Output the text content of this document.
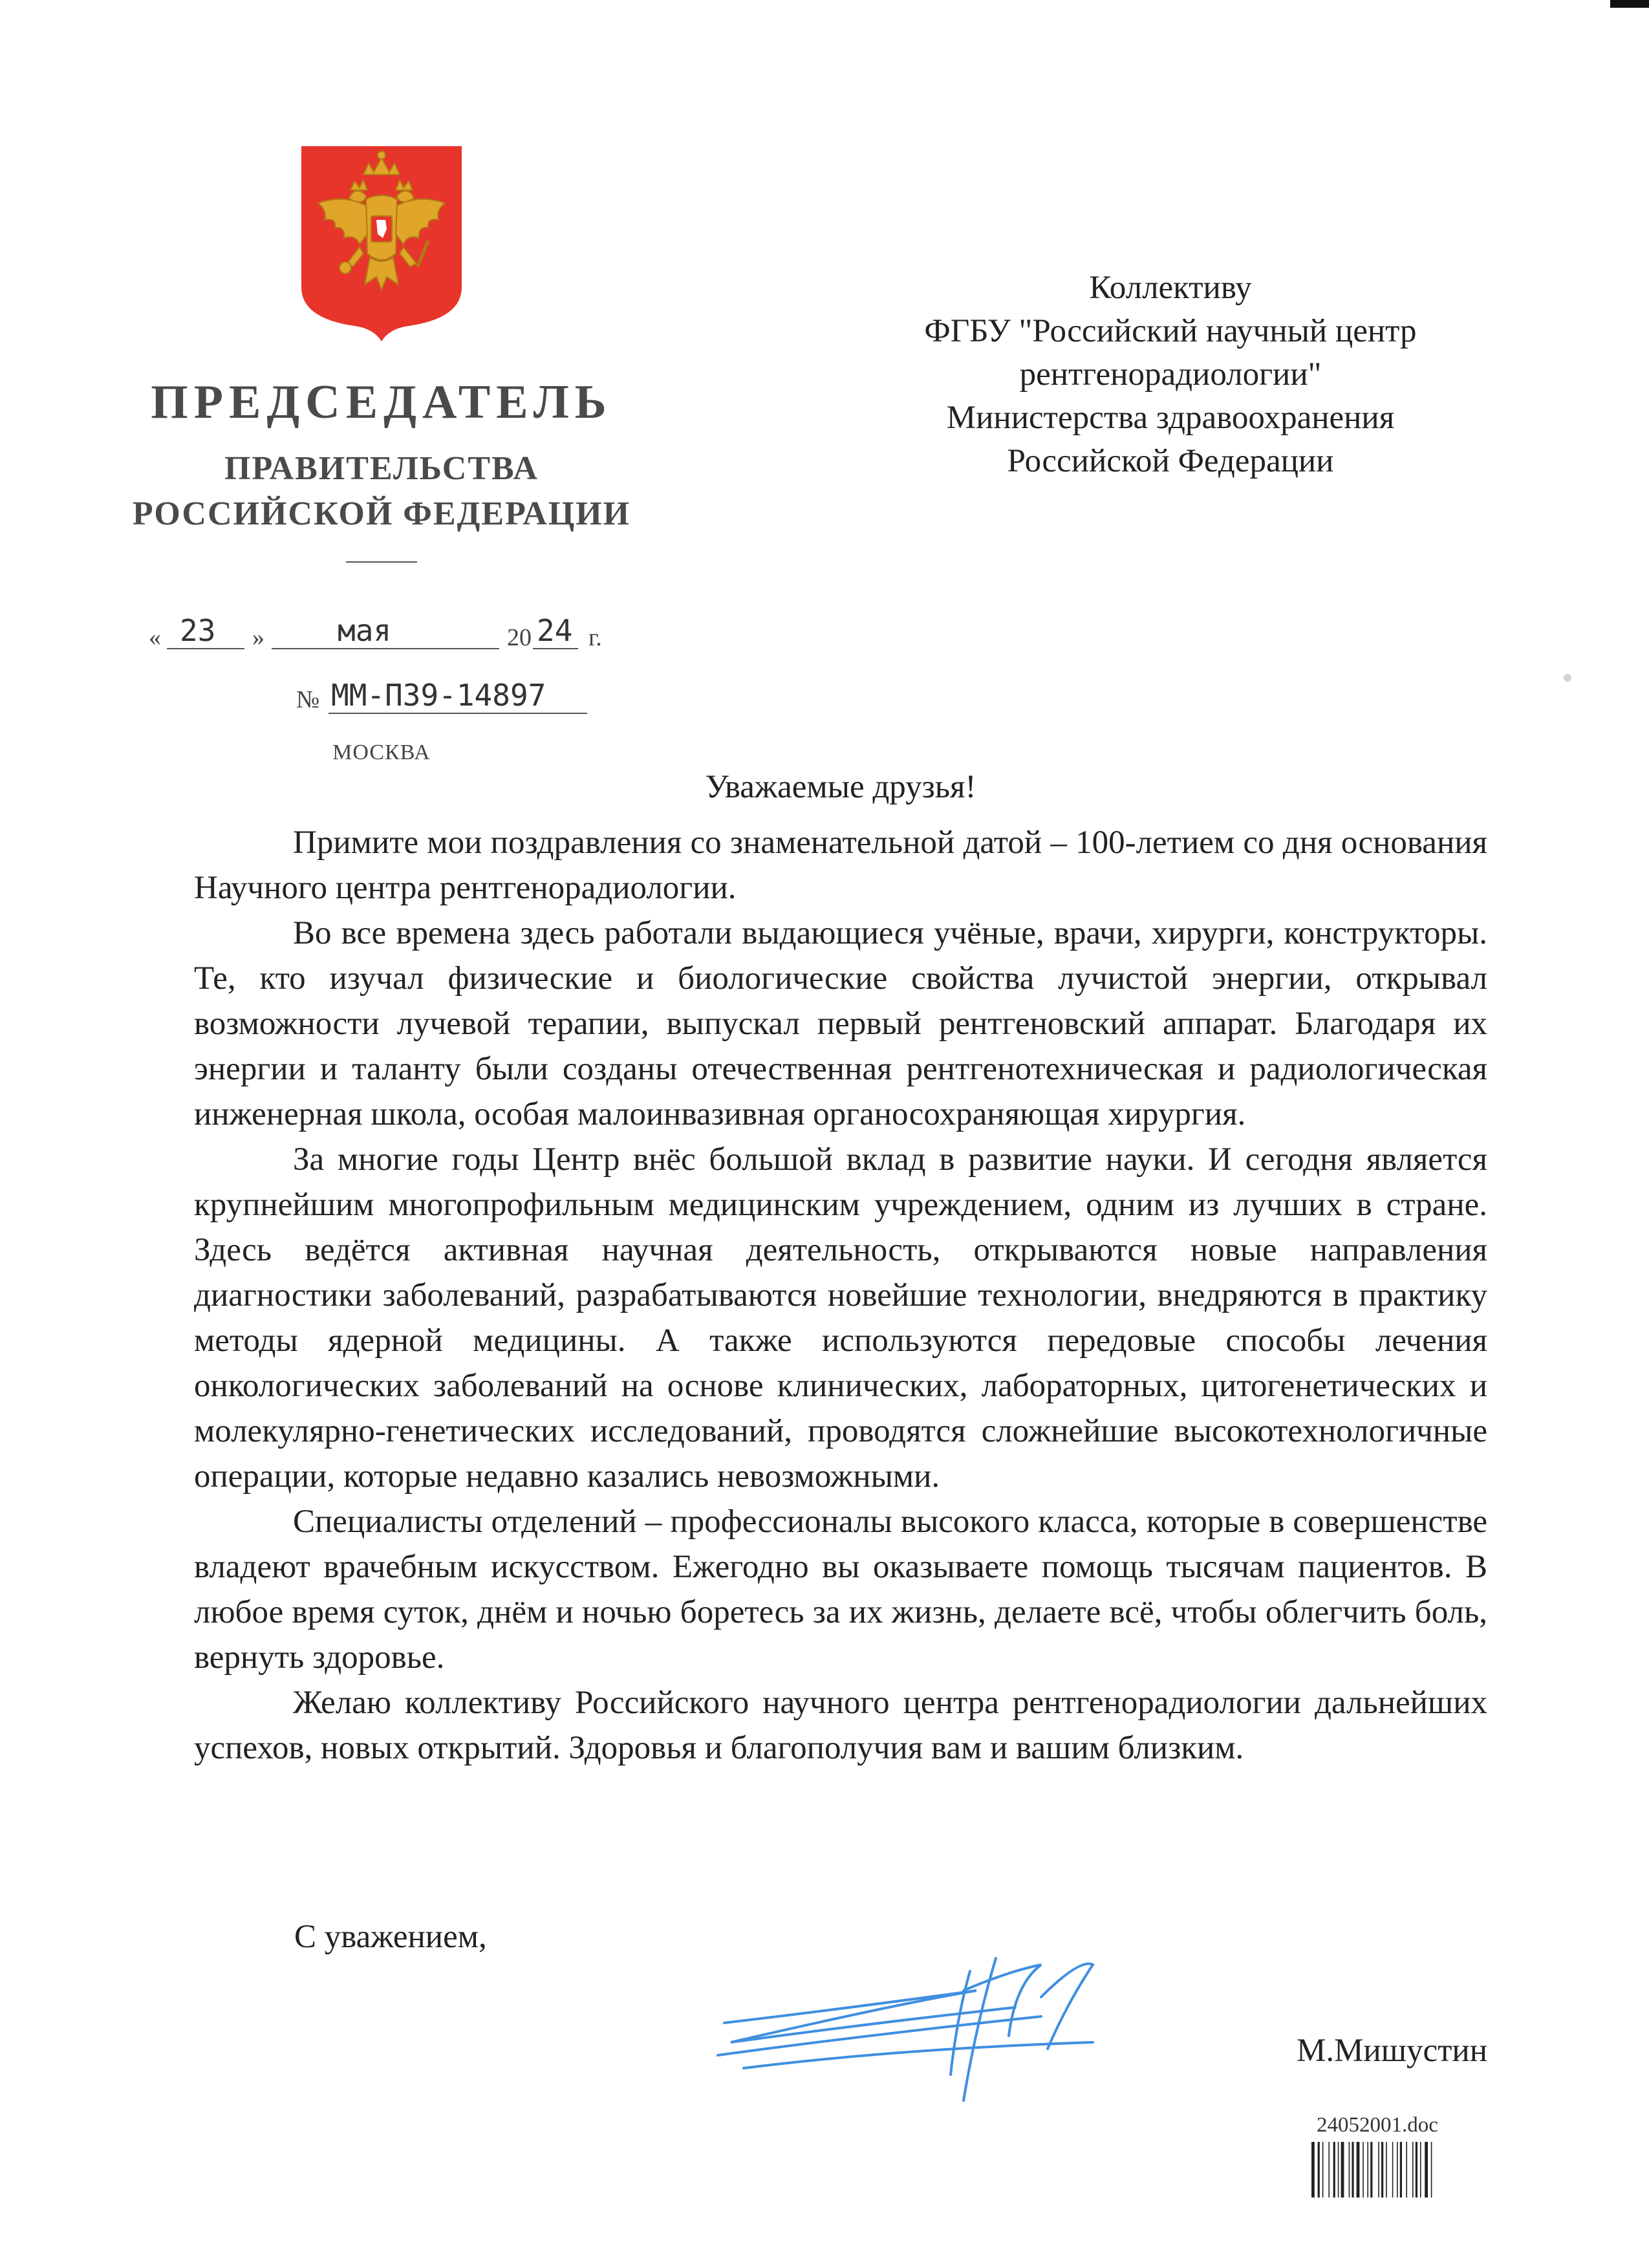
ПРЕДСЕДАТЕЛЬ
ПРАВИТЕЛЬСТВА
РОССИЙСКОЙ ФЕДЕРАЦИИ
« 23 » мая	20 24 г.
№ ММ-П39-14897
МОСКВА
Коллективу
ФГБУ "Российский научный центр
рентгенорадиологии"
Министерства здравоохранения
Российской Федерации
Уважаемые друзья!

Примите мои поздравления со знаменательной датой – 100-летием со дня основания Научного центра рентгенорадиологии.

Во все времена здесь работали выдающиеся учёные, врачи, хирурги, конструкторы. Те, кто изучал физические и биологические свойства лучистой энергии, открывал возможности лучевой терапии, выпускал первый рентгеновский аппарат. Благодаря их энергии и таланту были созданы отечественная рентгенотехническая и радиологическая инженерная школа, особая малоинвазивная органосохраняющая хирургия.

За многие годы Центр внёс большой вклад в развитие науки. И сегодня является крупнейшим многопрофильным медицинским учреждением, одним из лучших в стране. Здесь ведётся активная научная деятельность, открываются новые направления диагностики заболеваний, разрабатываются новейшие технологии, внедряются в практику методы ядерной медицины. А также используются передовые способы лечения онкологических заболеваний на основе клинических, лабораторных, цитогенетических и молекулярно-генетических исследований, проводятся сложнейшие высокотехнологичные операции, которые недавно казались невозможными.

Специалисты отделений – профессионалы высокого класса, которые в совершенстве владеют врачебным искусством. Ежегодно вы оказываете помощь тысячам пациентов. В любое время суток, днём и ночью боретесь за их жизнь, делаете всё, чтобы облегчить боль, вернуть здоровье.

Желаю коллективу Российского научного центра рентгенорадиологии дальнейших успехов, новых открытий. Здоровья и благополучия вам и вашим близким.

С уважением,
М.Мишустин
24052001.doc
